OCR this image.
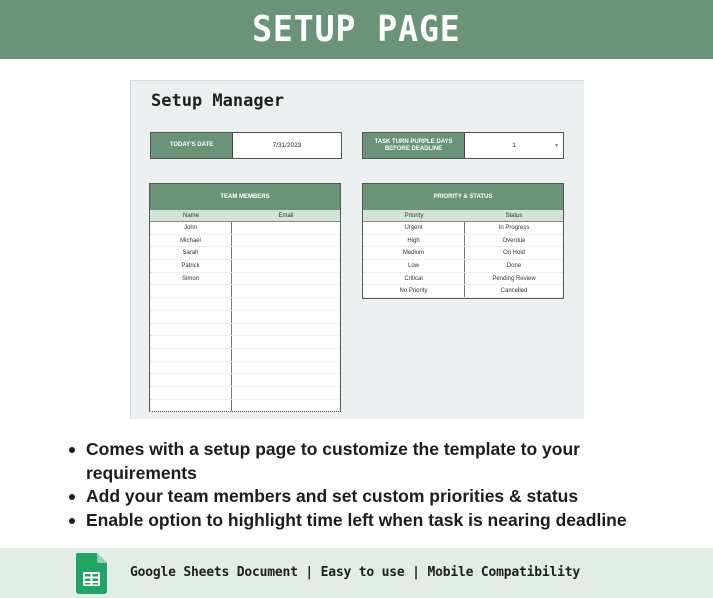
SETUP PAGE
Setup Manager
TODAY'S DATE	7/31/2023
TASK TURN PURPLE DAYS BEFORE DEADLINE	1	▼
TEAM MEMBERS
Name	Email
John
Michael
Sarah
Patrick
Simon
PRIORITY & STATUS
Priority	Status
Urgent	In Progress
High	Overdue
Medium	On Hold
Low	Done
Critical	Pending Review
No Priority	Cancelled
Comes with a setup page to customize the template to your requirements
Add your team members and set custom priorities & status
Enable option to highlight time left when task is nearing deadline
Google Sheets Document | Easy to use | Mobile Compatibility
